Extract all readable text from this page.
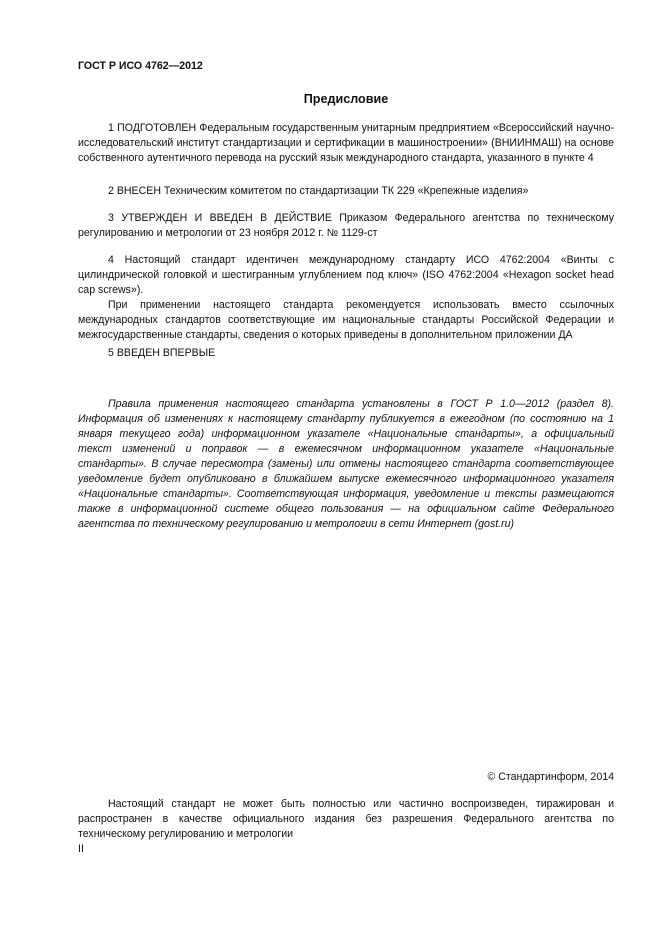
ГОСТ Р ИСО 4762—2012
Предисловие

1 ПОДГОТОВЛЕН Федеральным государственным унитарным предприятием «Всероссийский научно-исследовательский институт стандартизации и сертификации в машиностроении» (ВНИИНМАШ) на основе собственного аутентичного перевода на русский язык международного стандарта, указанного в пункте 4

2 ВНЕСЕН Техническим комитетом по стандартизации ТК 229 «Крепежные изделия»

3 УТВЕРЖДЕН И ВВЕДЕН В ДЕЙСТВИЕ Приказом Федерального агентства по техническому регулированию и метрологии от 23 ноября 2012 г. № 1129-ст

4 Настоящий стандарт идентичен международному стандарту ИСО 4762:2004 «Винты с цилиндрической головкой и шестигранным углублением под ключ» (ISO 4762:2004 «Hexagon socket head cap screws»).

При применении настоящего стандарта рекомендуется использовать вместо ссылочных международных стандартов соответствующие им национальные стандарты Российской Федерации и межгосударственные стандарты, сведения о которых приведены в дополнительном приложении ДА

5 ВВЕДЕН ВПЕРВЫЕ

Правила применения настоящего стандарта установлены в ГОСТ Р 1.0—2012 (раздел 8). Информация об изменениях к настоящему стандарту публикуется в ежегодном (по состоянию на 1 января текущего года) информационном указателе «Национальные стандарты», а официальный текст изменений и поправок — в ежемесячном информационном указателе «Национальные стандарты». В случае пересмотра (замены) или отмены настоящего стандарта соответствующее уведомление будет опубликовано в ближайшем выпуске ежемесячного информационного указателя «Национальные стандарты». Соответствующая информация, уведомление и тексты размещаются также в информационной системе общего пользования — на официальном сайте Федерального агентства по техническому регулированию и метрологии в сети Интернет (gost.ru)

© Стандартинформ, 2014

Настоящий стандарт не может быть полностью или частично воспроизведен, тиражирован и распространен в качестве официального издания без разрешения Федерального агентства по техническому регулированию и метрологии

II
